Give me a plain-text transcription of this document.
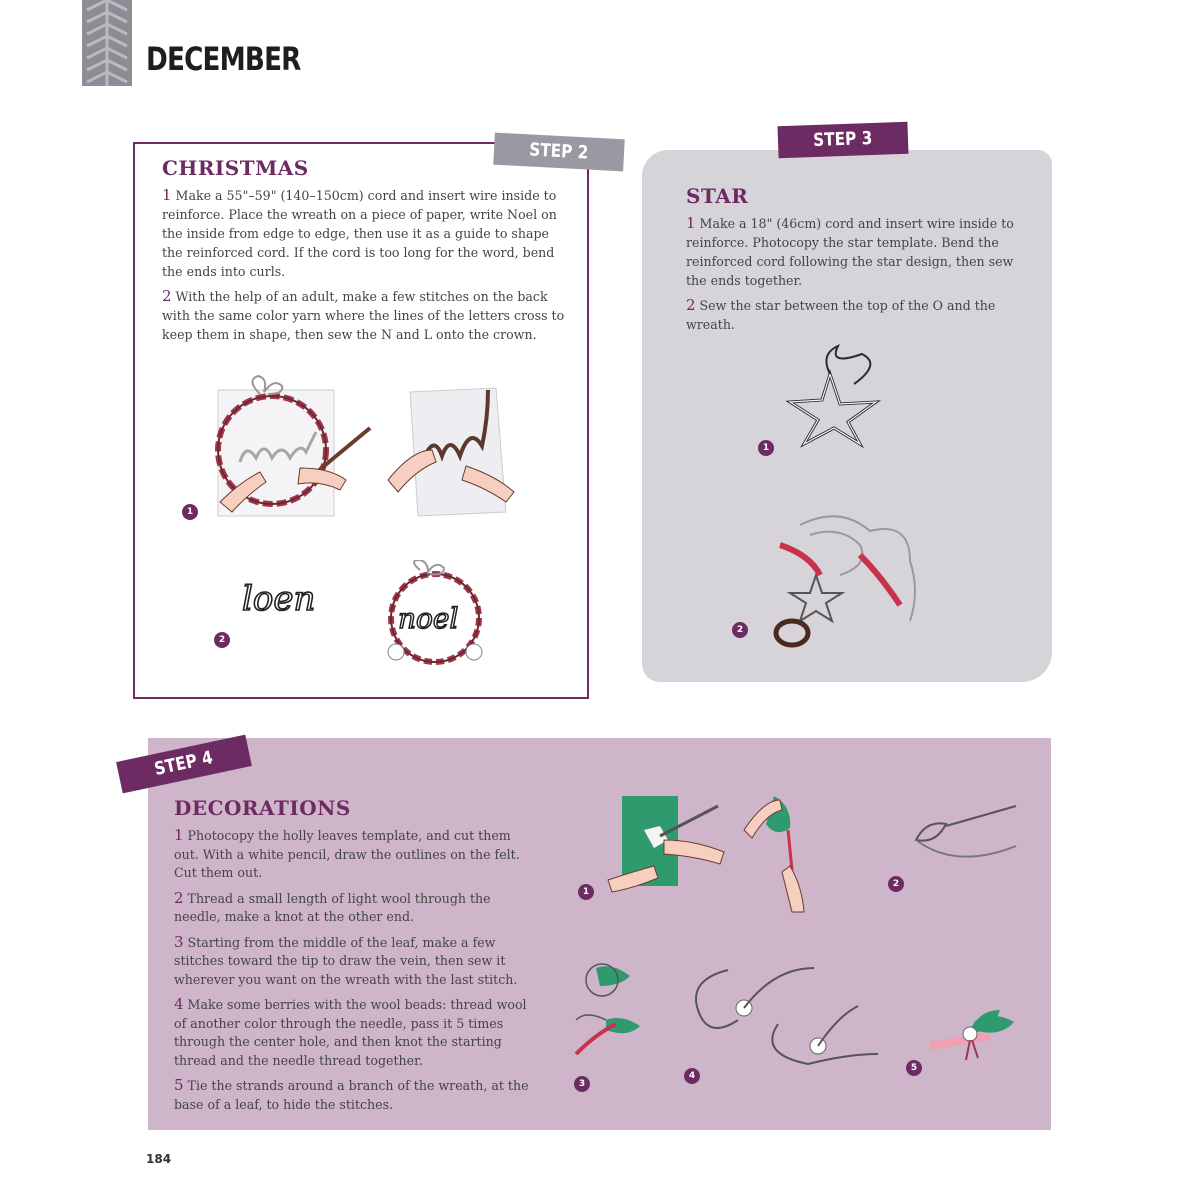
DECEMBER
STEP 2
CHRISTMAS

1 Make a 55"–59" (140–150cm) cord and insert wire inside to reinforce. Place the wreath on a piece of paper, write Noel on the inside from edge to edge, then use it as a guide to shape the reinforced cord. If the cord is too long for the word, bend the ends into curls.

2 With the help of an adult, make a few stitches on the back with the same color yarn where the lines of the letters cross to keep them in shape, then sew the N and L onto the crown.

1
loen
2
noel
STEP 3
STAR

1 Make a 18" (46cm) cord and insert wire inside to reinforce. Photocopy the star template. Bend the reinforced cord following the star design, then sew the ends together.

2 Sew the star between the top of the O and the wreath.

1
2
STEP 4
DECORATIONS

1 Photocopy the holly leaves template, and cut them out. With a white pencil, draw the outlines on the felt. Cut them out.

2 Thread a small length of light wool through the needle, make a knot at the other end.

3 Starting from the middle of the leaf, make a few stitches toward the tip to draw the vein, then sew it wherever you want on the wreath with the last stitch.

4 Make some berries with the wool beads: thread wool of another color through the needle, pass it 5 times through the center hole, and then knot the starting thread and the needle thread together.

5 Tie the strands around a branch of the wreath, at the base of a leaf, to hide the stitches.

1
2
3
4
5
184
